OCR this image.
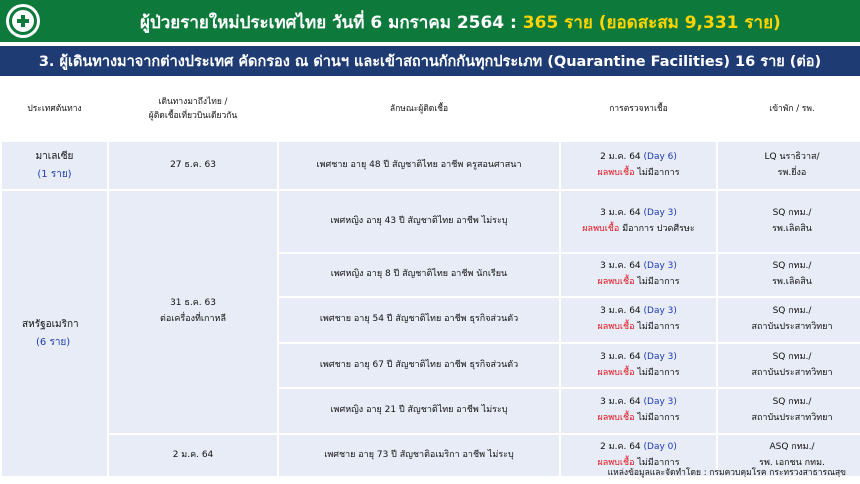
ผู้ป่วยรายใหม่ประเทศไทย วันที่ 6 มกราคม 2564 : 365 ราย (ยอดสะสม 9,331 ราย)
3. ผู้เดินทางมาจากต่างประเทศ คัดกรอง ณ ด่านฯ และเข้าสถานกักกันทุกประเภท (Quarantine Facilities) 16 ราย (ต่อ)
ประเทศต้นทาง
เดินทางมาถึงไทย /
ผู้ติดเชื้อเที่ยวบินเดียวกัน
ลักษณะผู้ติดเชื้อ	การตรวจหาเชื้อ	เข้าพัก / รพ.
มาเลเซีย
(1 ราย)
สหรัฐอเมริกา
(6 ราย)
27 ธ.ค. 63
31 ธ.ค. 63
ต่อเครื่องที่เกาหลี
2 ม.ค. 64
เพศชาย อายุ 48 ปี สัญชาติไทย อาชีพ ครูสอนศาสนา
2 ม.ค. 64 (Day 6)
ผลพบเชื้อ ไม่มีอาการ
LQ นราธิวาส/
รพ.ยี่งอ
เพศหญิง อายุ 43 ปี สัญชาติไทย อาชีพ ไม่ระบุ
3 ม.ค. 64 (Day 3)
ผลพบเชื้อ มีอาการ ปวดศีรษะ
SQ กทม./
รพ.เลิดสิน
เพศหญิง อายุ 8 ปี สัญชาติไทย อาชีพ นักเรียน
3 ม.ค. 64 (Day 3)
ผลพบเชื้อ ไม่มีอาการ
SQ กทม./
รพ.เลิดสิน
เพศชาย อายุ 54 ปี สัญชาติไทย อาชีพ ธุรกิจส่วนตัว
3 ม.ค. 64 (Day 3)
ผลพบเชื้อ ไม่มีอาการ
SQ กทม./
สถาบันประสาทวิทยา
เพศชาย อายุ 67 ปี สัญชาติไทย อาชีพ ธุรกิจส่วนตัว
3 ม.ค. 64 (Day 3)
ผลพบเชื้อ ไม่มีอาการ
SQ กทม./
สถาบันประสาทวิทยา
เพศหญิง อายุ 21 ปี สัญชาติไทย อาชีพ ไม่ระบุ
3 ม.ค. 64 (Day 3)
ผลพบเชื้อ ไม่มีอาการ
SQ กทม./
สถาบันประสาทวิทยา
เพศชาย อายุ 73 ปี สัญชาติอเมริกา อาชีพ ไม่ระบุ
2 ม.ค. 64 (Day 0)
ผลพบเชื้อ ไม่มีอาการ
ASQ กทม./
รพ. เอกชน กทม.
แหล่งข้อมูลและจัดทำโดย : กรมควบคุมโรค กระทรวงสาธารณสุข
